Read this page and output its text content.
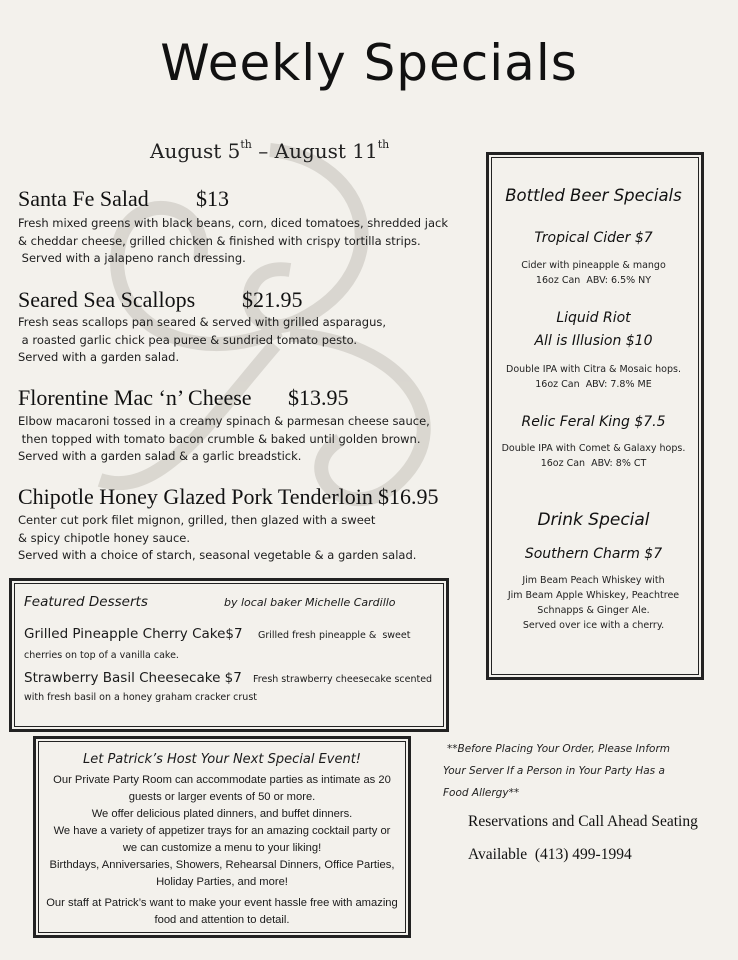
Weekly Specials
August 5th – August 11th
Santa Fe Salad $13
Fresh mixed greens with black beans, corn, diced tomatoes, shredded jack
& cheddar cheese, grilled chicken & finished with crispy tortilla strips.
Served with a jalapeno ranch dressing.
Seared Sea Scallops $21.95
Fresh seas scallops pan seared & served with grilled asparagus,
a roasted garlic chick pea puree & sundried tomato pesto.
Served with a garden salad.
Florentine Mac ‘n’ Cheese $13.95
Elbow macaroni tossed in a creamy spinach & parmesan cheese sauce,
then topped with tomato bacon crumble & baked until golden brown.
Served with a garden salad & a garlic breadstick.
Chipotle Honey Glazed Pork Tenderloin $16.95
Center cut pork filet mignon, grilled, then glazed with a sweet
& spicy chipotle honey sauce.
Served with a choice of starch, seasonal vegetable & a garden salad.
Bottled Beer Specials
Tropical Cider $7
Cider with pineapple & mango
16oz Can  ABV: 6.5% NY
Liquid Riot
All is Illusion $10
Double IPA with Citra & Mosaic hops.
16oz Can  ABV: 7.8% ME
Relic Feral King $7.5
Double IPA with Comet & Galaxy hops.
16oz Can  ABV: 8% CT
Drink Special
Southern Charm $7
Jim Beam Peach Whiskey with
Jim Beam Apple Whiskey, Peachtree
Schnapps & Ginger Ale.
Served over ice with a cherry.
Featured Desserts	by local baker Michelle Cardillo
Grilled Pineapple Cherry Cake$7 Grilled fresh pineapple &  sweet
cherries on top of a vanilla cake.
Strawberry Basil Cheesecake $7 Fresh strawberry cheesecake scented
with fresh basil on a honey graham cracker crust
Let Patrick’s Host Your Next Special Event!
Our Private Party Room can accommodate parties as intimate as 20
guests or larger events of 50 or more.
We offer delicious plated dinners, and buffet dinners.
We have a variety of appetizer trays for an amazing cocktail party or
we can customize a menu to your liking!
Birthdays, Anniversaries, Showers, Rehearsal Dinners, Office Parties,
Holiday Parties, and more!
Our staff at Patrick’s want to make your event hassle free with amazing
food and attention to detail.
**Before Placing Your Order, Please Inform
Your Server If a Person in Your Party Has a
Food Allergy**
Reservations and Call Ahead Seating
Available  (413) 499-1994
